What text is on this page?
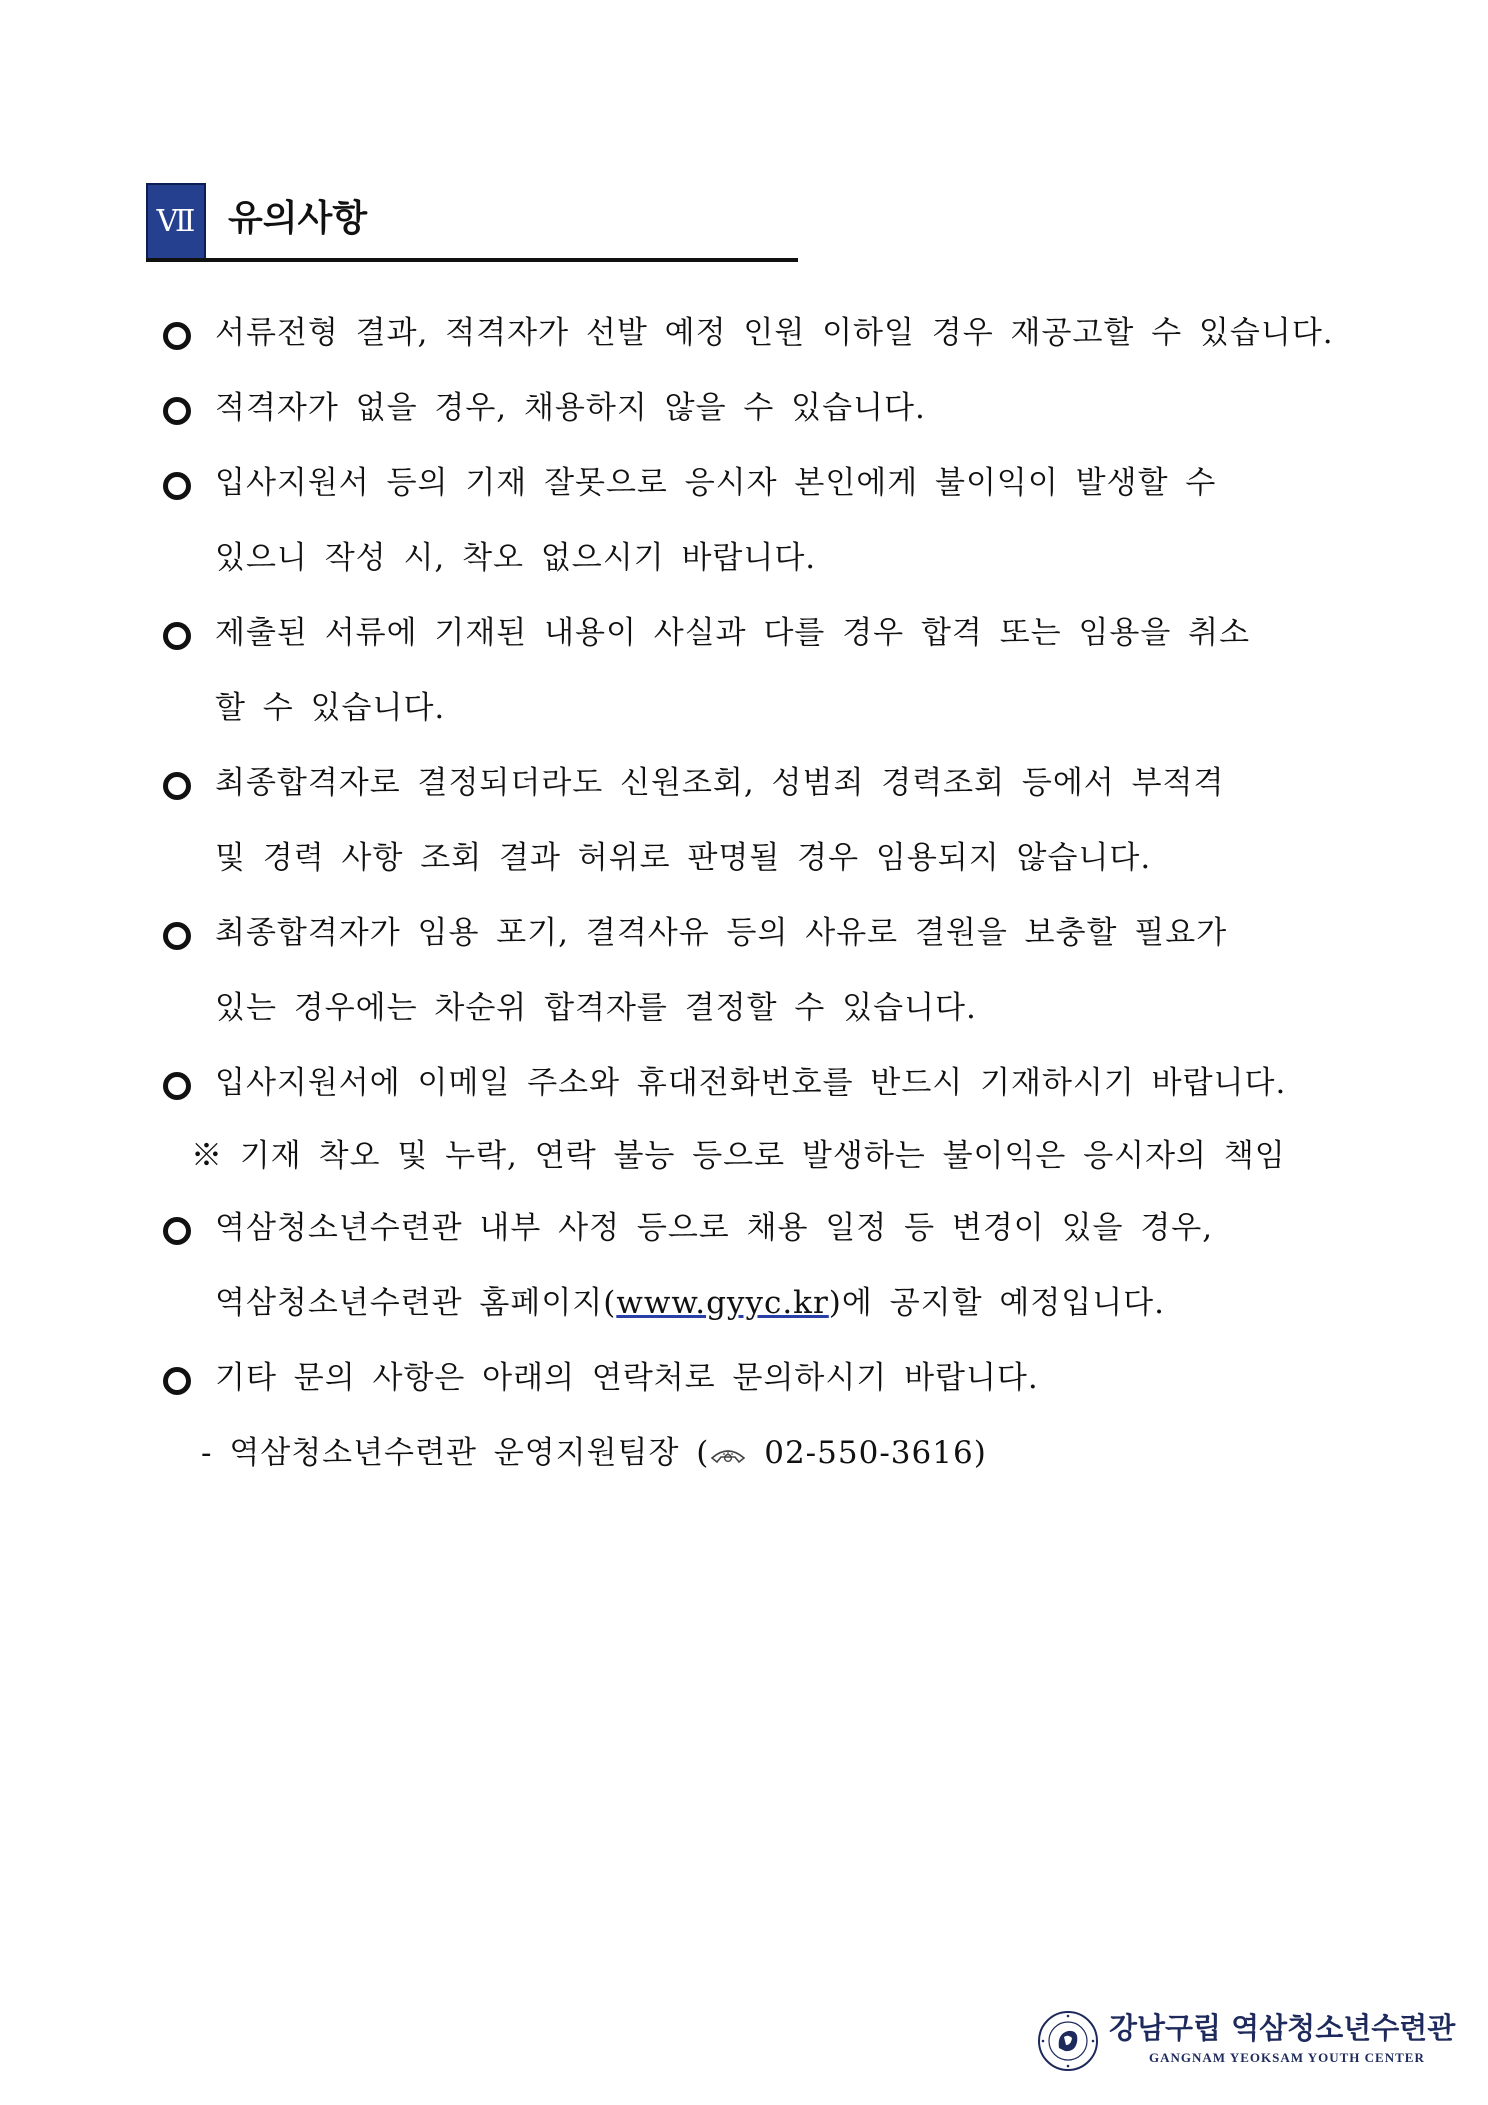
Ⅶ 유의사항
서류전형 결과, 적격자가 선발 예정 인원 이하일 경우 재공고할 수 있습니다.
적격자가 없을 경우, 채용하지 않을 수 있습니다.
입사지원서 등의 기재 잘못으로 응시자 본인에게 불이익이 발생할 수
있으니 작성 시, 착오 없으시기 바랍니다.
제출된 서류에 기재된 내용이 사실과 다를 경우 합격 또는 임용을 취소
할 수 있습니다.
최종합격자로 결정되더라도 신원조회, 성범죄 경력조회 등에서 부적격
및 경력 사항 조회 결과 허위로 판명될 경우 임용되지 않습니다.
최종합격자가 임용 포기, 결격사유 등의 사유로 결원을 보충할 필요가
있는 경우에는 차순위 합격자를 결정할 수 있습니다.
입사지원서에 이메일 주소와 휴대전화번호를 반드시 기재하시기 바랍니다.
※ 기재 착오 및 누락, 연락 불능 등으로 발생하는 불이익은 응시자의 책임
역삼청소년수련관 내부 사정 등으로 채용 일정 등 변경이 있을 경우,
역삼청소년수련관 홈페이지(www.gyyc.kr)에 공지할 예정입니다.
기타 문의 사항은 아래의 연락처로 문의하시기 바랍니다.
- 역삼청소년수련관 운영지원팀장 ( 02-550-3616)
강남구립 역삼청소년수련관
GANGNAM YEOKSAM YOUTH CENTER
